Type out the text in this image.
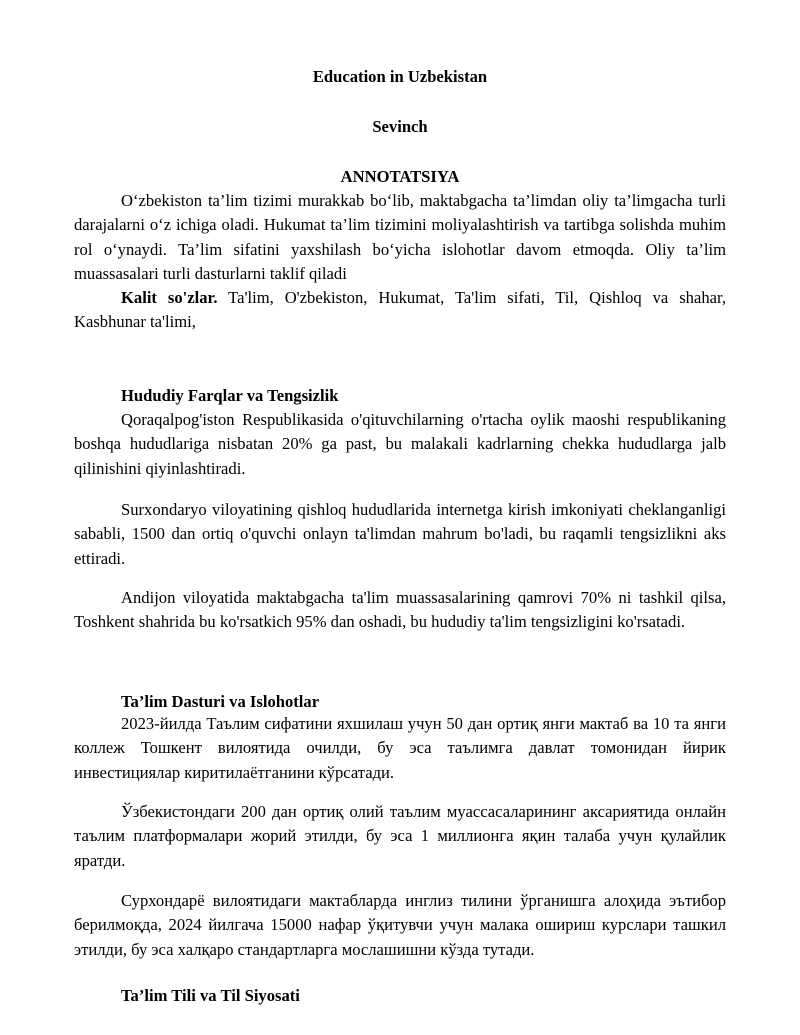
Education in Uzbekistan
Sevinch
ANNOTATSIYA

O‘zbekiston ta’lim tizimi murakkab bo‘lib, maktabgacha ta’limdan oliy ta’limgacha turli darajalarni o‘z ichiga oladi. Hukumat ta’lim tizimini moliyalashtirish va tartibga solishda muhim rol o‘ynaydi. Ta’lim sifatini yaxshilash bo‘yicha islohotlar davom etmoqda. Oliy ta’lim muassasalari turli dasturlarni taklif qiladi

Kalit so'zlar. Ta'lim, O'zbekiston, Hukumat, Ta'lim sifati, Til, Qishloq va shahar, Kasbhunar ta'limi,

Hududiy Farqlar va Tengsizlik

Qoraqalpog'iston Respublikasida o'qituvchilarning o'rtacha oylik maoshi respublikaning boshqa hududlariga nisbatan 20% ga past, bu malakali kadrlarning chekka hududlarga jalb qilinishini qiyinlashtiradi.

Surxondaryo viloyatining qishloq hududlarida internetga kirish imkoniyati cheklanganligi sababli, 1500 dan ortiq o'quvchi onlayn ta'limdan mahrum bo'ladi, bu raqamli tengsizlikni aks ettiradi.

Andijon viloyatida maktabgacha ta'lim muassasalarining qamrovi 70% ni tashkil qilsa, Toshkent shahrida bu ko'rsatkich 95% dan oshadi, bu hududiy ta'lim tengsizligini ko'rsatadi.

Ta’lim Dasturi va Islohotlar

2023-йилда Таълим сифатини яхшилаш учун 50 дан ортиқ янги мактаб ва 10 та янги коллеж Тошкент вилоятида очилди, бу эса таълимга давлат томонидан йирик инвестициялар киритилаётганини кўрсатади.

Ўзбекистондаги 200 дан ортиқ олий таълим муассасаларининг аксариятида онлайн таълим платформалари жорий этилди, бу эса 1 миллионга яқин талаба учун қулайлик яратди.

Сурхондарё вилоятидаги мактабларда инглиз тилини ўрганишга алоҳида эътибор берилмоқда, 2024 йилгача 15000 нафар ўқитувчи учун малака ошириш курслари ташкил этилди, бу эса халқаро стандартларга мослашишни кўзда тутади.

Ta’lim Tili va Til Siyosati
